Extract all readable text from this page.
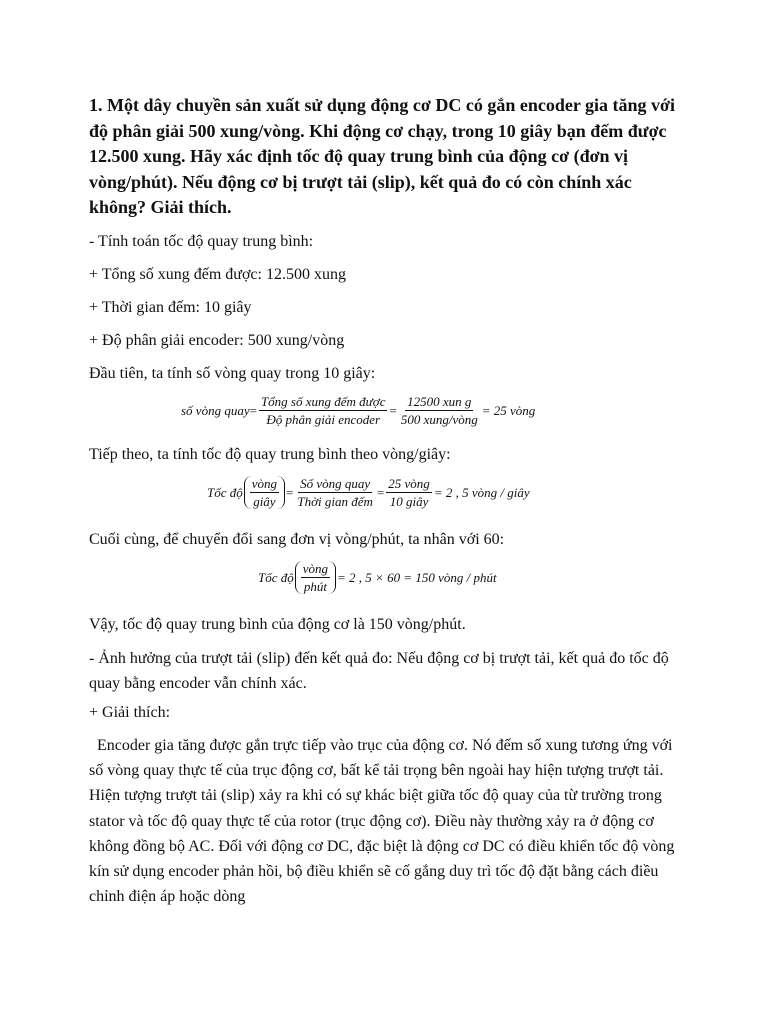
1. Một dây chuyền sản xuất sử dụng động cơ DC có gắn encoder gia tăng với độ phân giải 500 xung/vòng. Khi động cơ chạy, trong 10 giây bạn đếm được 12.500 xung. Hãy xác định tốc độ quay trung bình của động cơ (đơn vị vòng/phút). Nếu động cơ bị trượt tải (slip), kết quả đo có còn chính xác không? Giải thích.

- Tính toán tốc độ quay trung bình:

+ Tổng số xung đếm được: 12.500 xung

+ Thời gian đếm: 10 giây

+ Độ phân giải encoder: 500 xung/vòng

Đầu tiên, ta tính số vòng quay trong 10 giây:

số vòng quay = $\frac{\text{Tổng số xung đếm được}}{\text{Độ phân giải encoder}} = \frac{\text{12500 xun g}}{\text{500 xung/vòng}} = 25$ vòng

Tiếp theo, ta tính tốc độ quay trung bình theo vòng/giây:

Tốc độ $\frac{\text{vòng}}{\text{giây}} = \frac{\text{Số vòng quay}}{\text{Thời gian đếm}} = \frac{\text{25 vòng}}{\text{10 giây}} = 2$ , 5 vòng / giây

Cuối cùng, để chuyển đổi sang đơn vị vòng/phút, ta nhân với 60:

Tốc độ $\frac{\text{vòng}}{\text{phút}} = 2$ , 5 × 60 = 150 vòng / phút

Vậy, tốc độ quay trung bình của động cơ là 150 vòng/phút.

- Ảnh hưởng của trượt tải (slip) đến kết quả đo: Nếu động cơ bị trượt tải, kết quả đo tốc độ quay bằng encoder vẫn chính xác.

+ Giải thích:

Encoder gia tăng được gắn trực tiếp vào trục của động cơ. Nó đếm số xung tương ứng với số vòng quay thực tế của trục động cơ, bất kể tải trọng bên ngoài hay hiện tượng trượt tải. Hiện tượng trượt tải (slip) xảy ra khi có sự khác biệt giữa tốc độ quay của từ trường trong stator và tốc độ quay thực tế của rotor (trục động cơ). Điều này thường xảy ra ở động cơ không đồng bộ AC. Đối với động cơ DC, đặc biệt là động cơ DC có điều khiển tốc độ vòng kín sử dụng encoder phản hồi, bộ điều khiển sẽ cố gắng duy trì tốc độ đặt bằng cách điều chỉnh điện áp hoặc dòng
